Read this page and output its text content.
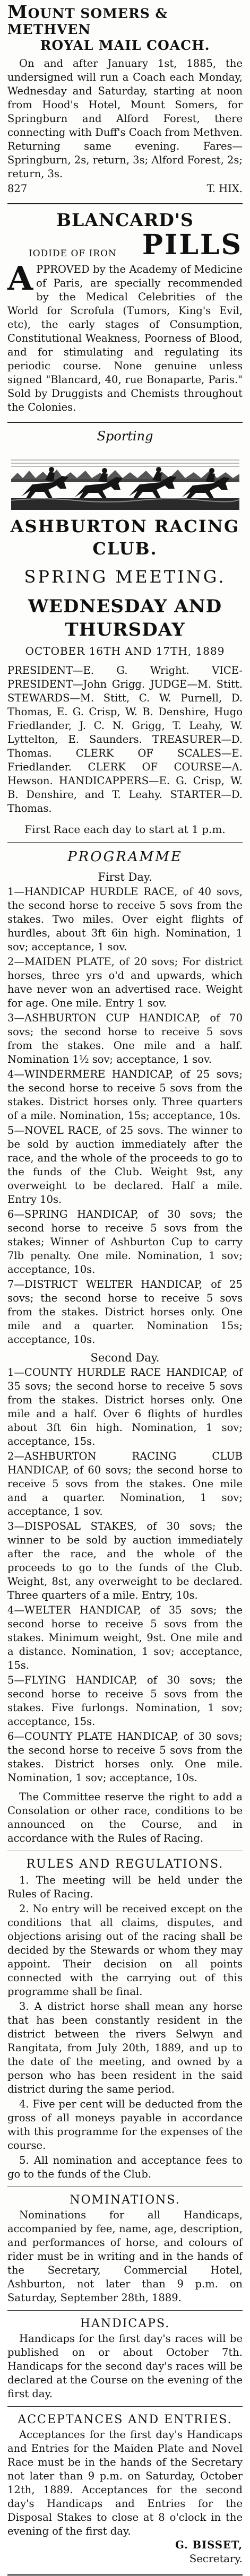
MOUNT SOMERS & METHVEN
ROYAL MAIL COACH.

On and after January 1st, 1885, the undersigned will run a Coach each Monday, Wednesday and Saturday, starting at noon from Hood's Hotel, Mount Somers, for Springburn and Alford Forest, there connecting with Duff's Coach from Methven. Returning same evening. Fares—Springburn, 2s, return, 3s; Alford Forest, 2s; return, 3s.

827	T. HIX.
BLANCARD'S
IODIDE OF IRON PILLS
APPROVED by the Academy of Medicine of Paris, are specially recommended by the Medical Celebrities of the World for Scrofula (Tumors, King's Evil, etc), the early stages of Consumption, Constitutional Weakness, Poorness of Blood, and for stimulating and regulating its periodic course. None genuine unless signed "Blancard, 40, rue Bonaparte, Paris." Sold by Druggists and Chemists throughout the Colonies.
Sporting
ASHBURTON RACING CLUB.
SPRING MEETING.
WEDNESDAY AND THURSDAY
OCTOBER 16TH AND 17TH, 1889

PRESIDENT—E. G. Wright. VICE-PRESIDENT—John Grigg. JUDGE—M. Stitt. STEWARDS—M. Stitt, C. W. Purnell, D. Thomas, E. G. Crisp, W. B. Denshire, Hugo Friedlander, J. C. N. Grigg, T. Leahy, W. Lyttelton, E. Saunders. TREASURER—D. Thomas. CLERK OF SCALES—E. Friedlander. CLERK OF COURSE—A. Hewson. HANDICAPPERS—E. G. Crisp, W. B. Denshire, and T. Leahy. STARTER—D. Thomas.

First Race each day to start at 1 p.m.

PROGRAMME
First Day.

1—HANDICAP HURDLE RACE, of 40 sovs, the second horse to receive 5 sovs from the stakes. Two miles. Over eight flights of hurdles, about 3ft 6in high. Nomination, 1 sov; acceptance, 1 sov.

2—MAIDEN PLATE, of 20 sovs; For district horses, three yrs o'd and upwards, which have never won an advertised race. Weight for age. One mile. Entry 1 sov.

3—ASHBURTON CUP HANDICAP, of 70 sovs; the second horse to receive 5 sovs from the stakes. One mile and a half. Nomination 1½ sov; acceptance, 1 sov.

4—WINDERMERE HANDICAP, of 25 sovs; the second horse to receive 5 sovs from the stakes. District horses only. Three quarters of a mile. Nomination, 15s; acceptance, 10s.

5—NOVEL RACE, of 25 sovs. The winner to be sold by auction immediately after the race, and the whole of the proceeds to go to the funds of the Club. Weight 9st, any overweight to be declared. Half a mile. Entry 10s.

6—SPRING HANDICAP, of 30 sovs; the second horse to receive 5 sovs from the stakes; Winner of Ashburton Cup to carry 7lb penalty. One mile. Nomination, 1 sov; acceptance, 10s.

7—DISTRICT WELTER HANDICAP, of 25 sovs; the second horse to receive 5 sovs from the stakes. District horses only. One mile and a quarter. Nomination 15s; acceptance, 10s.

Second Day.

1—COUNTY HURDLE RACE HANDICAP, of 35 sovs; the second horse to receive 5 sovs from the stakes. District horses only. One mile and a half. Over 6 flights of hurdles about 3ft 6in high. Nomination, 1 sov; acceptance, 15s.

2—ASHBURTON RACING CLUB HANDICAP, of 60 sovs; the second horse to receive 5 sovs from the stakes. One mile and a quarter. Nomination, 1 sov; acceptance, 1 sov.

3—DISPOSAL STAKES, of 30 sovs; the winner to be sold by auction immediately after the race, and the whole of the proceeds to go to the funds of the Club. Weight, 8st, any overweight to be declared. Three quarters of a mile. Entry, 10s.

4—WELTER HANDICAP, of 35 sovs; the second horse to receive 5 sovs from the stakes. Minimum weight, 9st. One mile and a distance. Nomination, 1 sov; acceptance, 15s.

5—FLYING HANDICAP, of 30 sovs; the second horse to receive 5 sovs from the stakes. Five furlongs. Nomination, 1 sov; acceptance, 15s.

6—COUNTY PLATE HANDICAP, of 30 sovs; the second horse to receive 5 sovs from the stakes. District horses only. One mile. Nomination, 1 sov; acceptance, 10s.

The Committee reserve the right to add a Consolation or other race, conditions to be announced on the Course, and in accordance with the Rules of Racing.

RULES AND REGULATIONS.

1. The meeting will be held under the Rules of Racing.

2. No entry will be received except on the conditions that all claims, disputes, and objections arising out of the racing shall be decided by the Stewards or whom they may appoint. Their decision on all points connected with the carrying out of this programme shall be final.

3. A district horse shall mean any horse that has been constantly resident in the district between the rivers Selwyn and Rangitata, from July 20th, 1889, and up to the date of the meeting, and owned by a person who has been resident in the said district during the same period.

4. Five per cent will be deducted from the gross of all moneys payable in accordance with this programme for the expenses of the course.

5. All nomination and acceptance fees to go to the funds of the Club.

NOMINATIONS.

Nominations for all Handicaps, accompanied by fee, name, age, description, and performances of horse, and colours of rider must be in writing and in the hands of the Secretary, Commercial Hotel, Ashburton, not later than 9 p.m. on Saturday, September 28th, 1889.

HANDICAPS.

Handicaps for the first day's races will be published on or about October 7th. Handicaps for the second day's races will be declared at the Course on the evening of the first day.

ACCEPTANCES AND ENTRIES.

Acceptances for the first day's Handicaps and Entries for the Maiden Plate and Novel Race must be in the hands of the Secretary not later than 9 p.m. on Saturday, October 12th, 1889. Acceptances for the second day's Handicaps and Entries for the Disposal Stakes to close at 8 o'clock in the evening of the first day.

G. BISSET,
Secretary.
